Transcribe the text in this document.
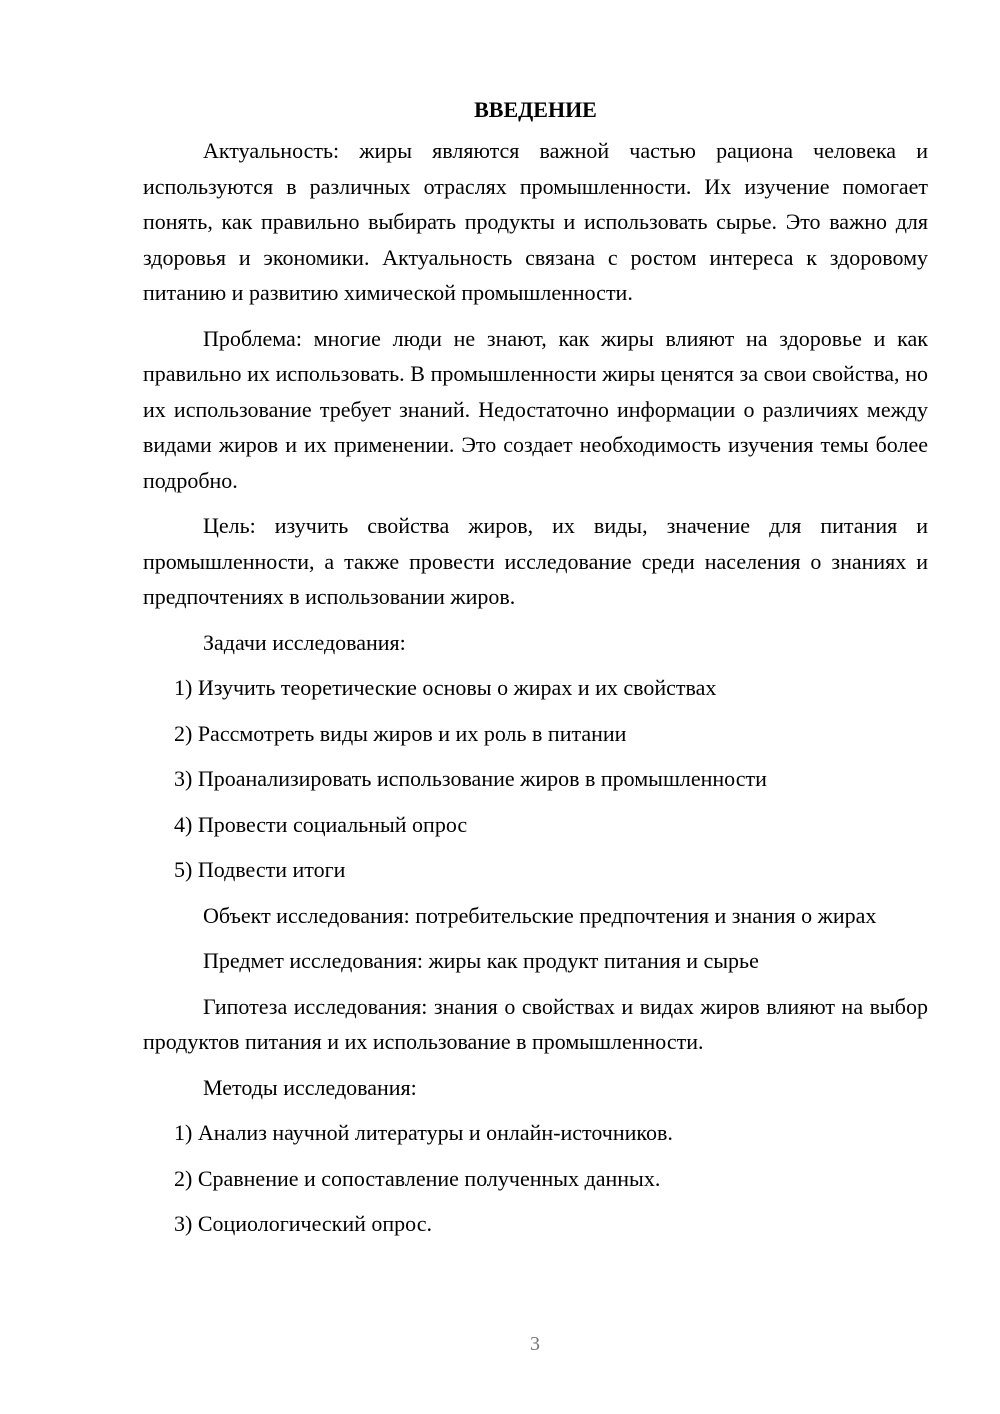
ВВЕДЕНИЕ

Актуальность: жиры являются важной частью рациона человека и используются в различных отраслях промышленности. Их изучение помогает понять, как правильно выбирать продукты и использовать сырье. Это важно для здоровья и экономики. Актуальность связана с ростом интереса к здоровому питанию и развитию химической промышленности.

Проблема: многие люди не знают, как жиры влияют на здоровье и как правильно их использовать. В промышленности жиры ценятся за свои свойства, но их использование требует знаний. Недостаточно информации о различиях между видами жиров и их применении. Это создает необходимость изучения темы более подробно.

Цель: изучить свойства жиров, их виды, значение для питания и промышленности, а также провести исследование среди населения о знаниях и предпочтениях в использовании жиров.

Задачи исследования:

1) Изучить теоретические основы о жирах и их свойствах
2) Рассмотреть виды жиров и их роль в питании
3) Проанализировать использование жиров в промышленности
4) Провести социальный опрос
5) Подвести итоги

Объект исследования: потребительские предпочтения и знания о жирах

Предмет исследования: жиры как продукт питания и сырье

Гипотеза исследования: знания о свойствах и видах жиров влияют на выбор продуктов питания и их использование в промышленности.

Методы исследования:

1) Анализ научной литературы и онлайн-источников.
2) Сравнение и сопоставление полученных данных.
3) Социологический опрос.
3
